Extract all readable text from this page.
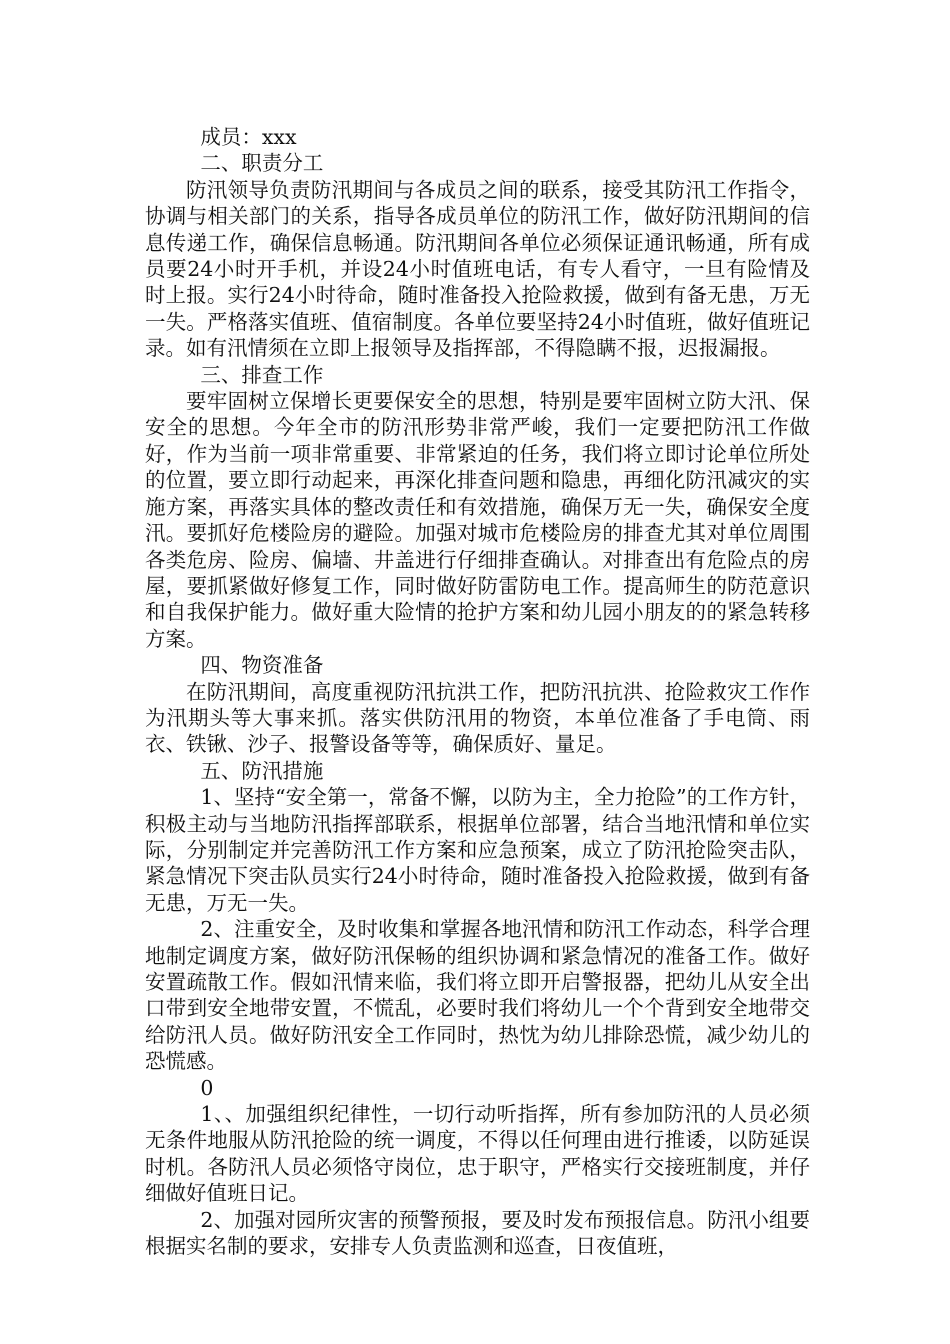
成员：xxx

二、职责分工

防汛领导负责防汛期间与各成员之间的联系，接受其防汛工作指令，协调与相关部门的关系，指导各成员单位的防汛工作，做好防汛期间的信息传递工作，确保信息畅通。防汛期间各单位必须保证通讯畅通，所有成员要24小时开手机，并设24小时值班电话，有专人看守，一旦有险情及时上报。实行24小时待命，随时准备投入抢险救援，做到有备无患，万无一失。严格落实值班、值宿制度。各单位要坚持24小时值班，做好值班记录。如有汛情须在立即上报领导及指挥部，不得隐瞒不报，迟报漏报。

三、排查工作

要牢固树立保增长更要保安全的思想，特别是要牢固树立防大汛、保安全的思想。今年全市的防汛形势非常严峻，我们一定要把防汛工作做好，作为当前一项非常重要、非常紧迫的任务，我们将立即讨论单位所处的位置，要立即行动起来，再深化排查问题和隐患，再细化防汛减灾的实施方案，再落实具体的整改责任和有效措施，确保万无一失，确保安全度汛。要抓好危楼险房的避险。加强对城市危楼险房的排查尤其对单位周围各类危房、险房、偏墙、井盖进行仔细排查确认。对排查出有危险点的房屋，要抓紧做好修复工作，同时做好防雷防电工作。提高师生的防范意识和自我保护能力。做好重大险情的抢护方案和幼儿园小朋友的的紧急转移方案。

四、物资准备

在防汛期间，高度重视防汛抗洪工作，把防汛抗洪、抢险救灾工作作为汛期头等大事来抓。落实供防汛用的物资，本单位准备了手电筒、雨衣、铁锹、沙子、报警设备等等，确保质好、量足。

五、防汛措施

1、坚持“安全第一，常备不懈，以防为主，全力抢险”的工作方针，积极主动与当地防汛指挥部联系，根据单位部署，结合当地汛情和单位实际，分别制定并完善防汛工作方案和应急预案，成立了防汛抢险突击队，紧急情况下突击队员实行24小时待命，随时准备投入抢险救援，做到有备无患，万无一失。

2、注重安全，及时收集和掌握各地汛情和防汛工作动态，科学合理地制定调度方案，做好防汛保畅的组织协调和紧急情况的准备工作。做好安置疏散工作。假如汛情来临，我们将立即开启警报器，把幼儿从安全出口带到安全地带安置，不慌乱，必要时我们将幼儿一个个背到安全地带交给防汛人员。做好防汛安全工作同时，热忱为幼儿排除恐慌，减少幼儿的恐慌感。

0

1、、加强组织纪律性，一切行动听指挥，所有参加防汛的人员必须无条件地服从防汛抢险的统一调度，不得以任何理由进行推诿，以防延误时机。各防汛人员必须恪守岗位，忠于职守，严格实行交接班制度，并仔细做好值班日记。

2、加强对园所灾害的预警预报，要及时发布预报信息。防汛小组要根据实名制的要求，安排专人负责监测和巡查，日夜值班，
